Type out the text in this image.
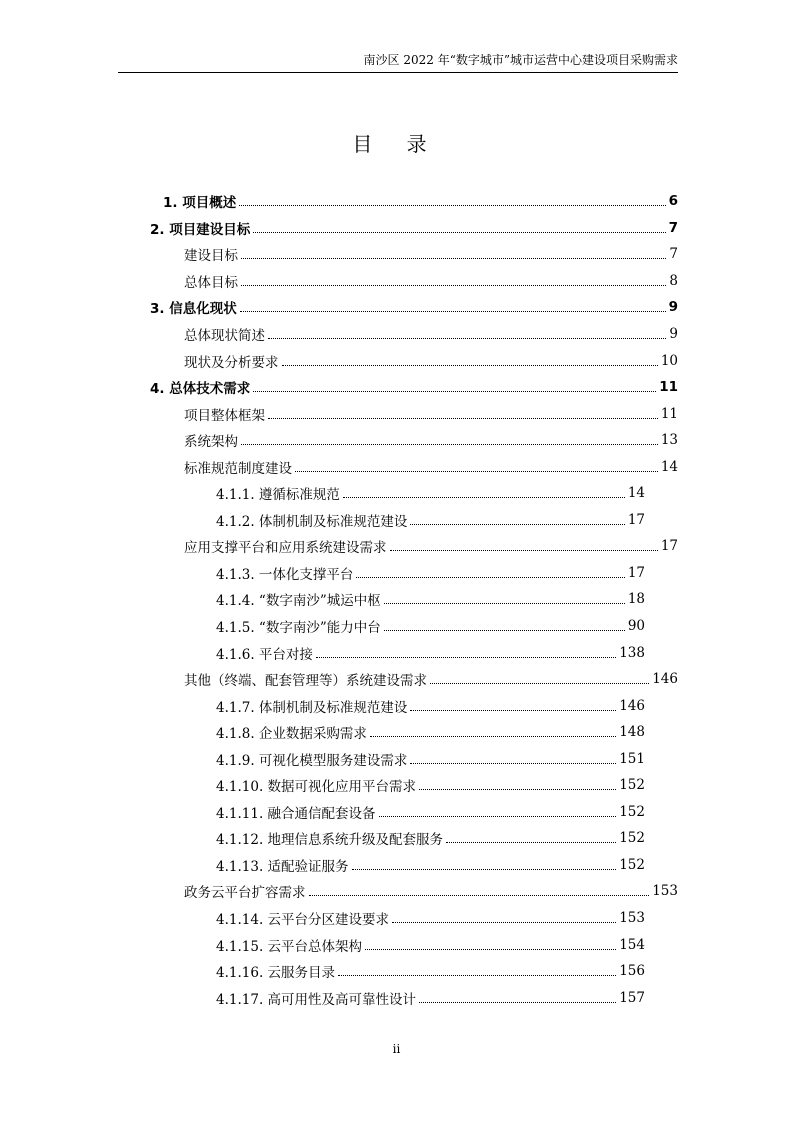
南沙区 2022 年“数字城市”城市运营中心建设项目采购需求
目 录
1. 项目概述	6
2. 项目建设目标	7
建设目标	7
总体目标	8
3. 信息化现状	9
总体现状简述	9
现状及分析要求	10
4. 总体技术需求	11
项目整体框架	11
系统架构	13
标准规范制度建设	14
4.1.1. 遵循标准规范	14
4.1.2. 体制机制及标准规范建设	17
应用支撑平台和应用系统建设需求	17
4.1.3. 一体化支撑平台	17
4.1.4. “数字南沙”城运中枢	18
4.1.5. “数字南沙”能力中台	90
4.1.6. 平台对接	138
其他（终端、配套管理等）系统建设需求	146
4.1.7. 体制机制及标准规范建设	146
4.1.8. 企业数据采购需求	148
4.1.9. 可视化模型服务建设需求	151
4.1.10. 数据可视化应用平台需求	152
4.1.11. 融合通信配套设备	152
4.1.12. 地理信息系统升级及配套服务	152
4.1.13. 适配验证服务	152
政务云平台扩容需求	153
4.1.14. 云平台分区建设要求	153
4.1.15. 云平台总体架构	154
4.1.16. 云服务目录	156
4.1.17. 高可用性及高可靠性设计	157
ii
